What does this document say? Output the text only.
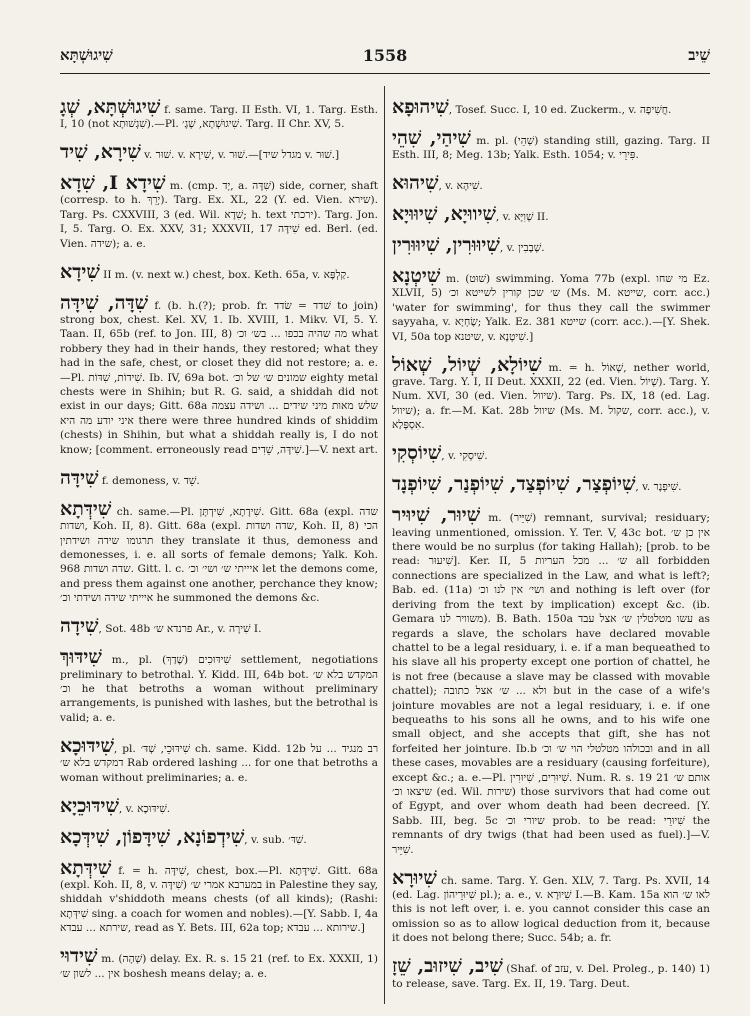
שִׁיגוּשְׁתָּא	1558	שֵׁיב

שִׁיגוּשְׁתָּא, שְׁגָ f. same. Targ. II Esth. VI, 1. Targ. Esth. I, 10 (not שִׁגְשׁוּתָא).—Pl. שִׁיגוּשְׁתָא, שְׁגָ׳. Targ. II Chr. XV, 5.

שִׁירָא, שִׁיד v. שׁוּר. v. שִׁירָא, v. שׁוּר.—[מגדל שיד v. שׁוּר.]

שִׁידָא I, שִׁדָא m. (cmp. יָד, a. שִׁדָּה) side, corner, shaft (corresp. to h. יְרֵךְ). Targ. Ex. XL, 22 (Y. ed. Vien. שירא). Targ. Ps. CXXVIII, 3 (ed. Wil. שִׁדָא; h. text ירכתי). Targ. Jon. I, 5. Targ. O. Ex. XXV, 31; XXXVII, 17 שִׁידָּה ed. Berl. (ed. Vien. שידה); a. e.

שִׁידָא II m. (v. next w.) chest, box. Keth. 65a, v. קַלְפָּא.

שִׁדָּה, שִׁידָּה f. (b. h.(?); prob. fr. שׁדד = שׂדד to join) strong box, chest. Kel. XV, 1. Ib. XVIII, 1. Mikv. VI, 5. Y. Taan. II, 65b (ref. to Jon. III, 8) מה שהיה בכפו ... בש׳ וכ׳ what robbery they had in their hands, they restored; what they had in the safe, chest, or closet they did not restore; a. e.—Pl. שִׁידוֹת, שִׁדּוֹת. Ib. IV, 69a bot. שמונים ש׳ של וכ׳ eighty metal chests were in Shihin; but R. G. said, a shiddah did not exist in our days; Gitt. 68a שלש מאות מיני שידים ... ושידה עצמה איני יודע מה היא there were three hundred kinds of shiddim (chests) in Shihin, but what a shiddah really is, I do not know; [comment. erroneously read שִׁידָּה, שֵׁדִים.]—V. next art.

שִׁידָּה f. demoness, v. שֵׁד.

שִׁידְּתָא ch. same.—Pl. שִׁידָתָא, שִׁידְתָּן. Gitt. 68a (expl. שדה ושדות, Koh. II, 8). Gitt. 68a (expl. שדה ושדות, Koh. II, 8) הכי תרגומו שידה ושידתין they translate it thus, demoness and demonesses, i. e. all sorts of female demons; Yalk. Koh. 968 שדה ושדות. Gitt. l. c. איייתי ש׳ ושי׳ וכ׳ let the demons come, and press them against one another, perchance they know; איייתי שידה ושידתי וכ׳ he summoned the demons &c.

שִׁידָה, Sot. 48b פרנדא ש׳ Ar., v. שִׁירָה I.

שִׁידּוּךְ m., pl. שִׁידּוּכִים (שָׁדַךְ) settlement, negotiations preliminary to betrothal. Y. Kidd. III, 64b bot. המקדש בלא ש׳ וכ׳ he that betroths a woman without preliminary arrangements, is punished with lashes, but the betrothal is valid; a. e.

שִׁידּוּכָא, pl. שִׁידּוּכֵי, שְׁדּ׳ ch. same. Kidd. 12b רב מנגיד ... על דמקדש בלא ש׳ Rab ordered lashing ... for one that betroths a woman without preliminaries; a. e.

שִׁידּוּכֵיָא, v. שִׁידּוּכָא.

שִׁידְפוֹנָא, שִׁידָּפוֹן, שִׁידְּכָא, v. sub. שִׁדּ׳.

שִׁידְּתָא f. = h. שִׁידָּה, chest, box.—Pl. שִׁידָּתָא. Gitt. 68a (expl. Koh. II, 8, v. שִׁידָּה) במערבא אמרי ש׳ in Palestine they say, shiddah v'shiddoth means chests (of all kinds); (Rashi: שִׁידְּתָא sing. a coach for women and nobles).—[Y. Sabb. I, 4a שירתא ... עבדא, read as Y. Bets. III, 62a top; שירותא ... עבדא.]

שִׁידוּי m. (שְׁהָה) delay. Ex. R. s. 15 21 (ref. to Ex. XXXII, 1) אין ... לשון ש׳ boshesh means delay; a. e.

שִׁיהוּפָא, Tosef. Succ. I, 10 ed. Zuckerm., v. חֲשִׁיפָה.

שִׁיהַי, שִׁהֵי m. pl. (שְׁהֵי) standing still, gazing. Targ. II Esth. III, 8; Meg. 13b; Yalk. Esth. 1054; v. פִּירֵי.

שִׁיהוּא, v. שִׁיהָא.

שִׁיווּיָא, שִׁיוּוּיָא, v. שְׁוִיָּא II.

שִׁיוּוּרִין, שִׁיוּוּרִין, v. שְׁבָבִין.

שִׁיטְנָא m. (שׁוּט) swimming. Yoma 77b (expl. מי שחו Ez. XLVII, 5) ש׳ שכן קורין לשייטא וכ׳ (Ms. M. שייטא, corr. acc.) 'water for swimming', for thus they call the swimmer sayyaha, v. שָׂחְיָא; Yalk. Ez. 381 שייטא (corr. acc.).—[Y. Shek. VI, 50a top שיטנא, v. שִׁיטְנָא.]

שִׁיוֹלָא, שְׁיוֹל, שְׁאוֹל m. = h. שְׁאוֹל, nether world, grave. Targ. Y. I, II Deut. XXXII, 22 (ed. Vien. שְׁיוֹל). Targ. Y. Num. XVI, 30 (ed. Vien. שיוול). Targ. Ps. IX, 18 (ed. Lag. שיוול); a. fr.—M. Kat. 28b שיוול (Ms. M. שקול, corr. acc.), v. אִסְפְּלַא.

שִׁיוֹסְקִי, v. שִׁיסְקִי.

שִׁיוֹפְצַר, שִׁיוֹפְצַד, שִׁיוֹפְנַר, שִׁיוֹפְנָד, v. שִׁיפְנָר.

שִׁיוּר, שִׁיוּיר m. (שִׁיֵּיר) remnant, survival; residuary; leaving unmentioned, omission. Y. Ter. V, 43c bot. אין כן ש׳ there would be no surplus (for taking Hallah); [prob. to be read: שִׁיעוּר]. Ker. II, 5 ש׳ ... מכל העריות all forbidden connections are specialized in the Law, and what is left?; Bab. ed. (11a) ושי׳ אין לנו וכ׳ and nothing is left over (for deriving from the text by implication) except &c. (ib. Gemara משוויר לנו). B. Bath. 150a עשו מטלטלין ש׳ אצל עבד as regards a slave, the scholars have declared movable chattel to be a legal residuary, i. e. if a man bequeathed to his slave all his property except one portion of chattel, he is not free (because a slave may be classed with movable chattel); ולא ... ש׳ אצל כתובה but in the case of a wife's jointure movables are not a legal residuary, i. e. if one bequeaths to his sons all he owns, and to his wife one small object, and she accepts that gift, she has not forfeited her jointure. Ib.b ובכולהו מטלטלי הוי ש׳ וכ׳ and in all these cases, movables are a residuary (causing forfeiture), except &c.; a. e.—Pl. שִׁיוּרִים, שִׁיוּרִין. Num. R. s. 19 21 אותם ש׳ שיצאו וכ׳ (ed. Wil. שירות) those survivors that had come out of Egypt, and over whom death had been decreed. [Y. Sabb. III, beg. 5c שיורי וכ׳ prob. to be read: שִׁיוּרֵי the remnants of dry twigs (that had been used as fuel).]—V. שִׁיֵּיר.

שִׁיוּרָא ch. same. Targ. Y. Gen. XLV, 7. Targ. Ps. XVII, 14 (ed. Lag. שִׁיוּרֵיהוֹן pl.); a. e., v. שִׁיוּרָא I.—B. Kam. 15a לאו ש׳ הוא this is not left over, i. e. you cannot consider this case an omission so as to allow logical deduction from it, because it does not belong there; Succ. 54b; a. fr.

שִׁיב, שִׁיזוּב, שֵׁזָ (Shaf. of עזב, v. Del. Proleg., p. 140) 1) to release, save. Targ. Ex. II, 19. Targ. Deut.
